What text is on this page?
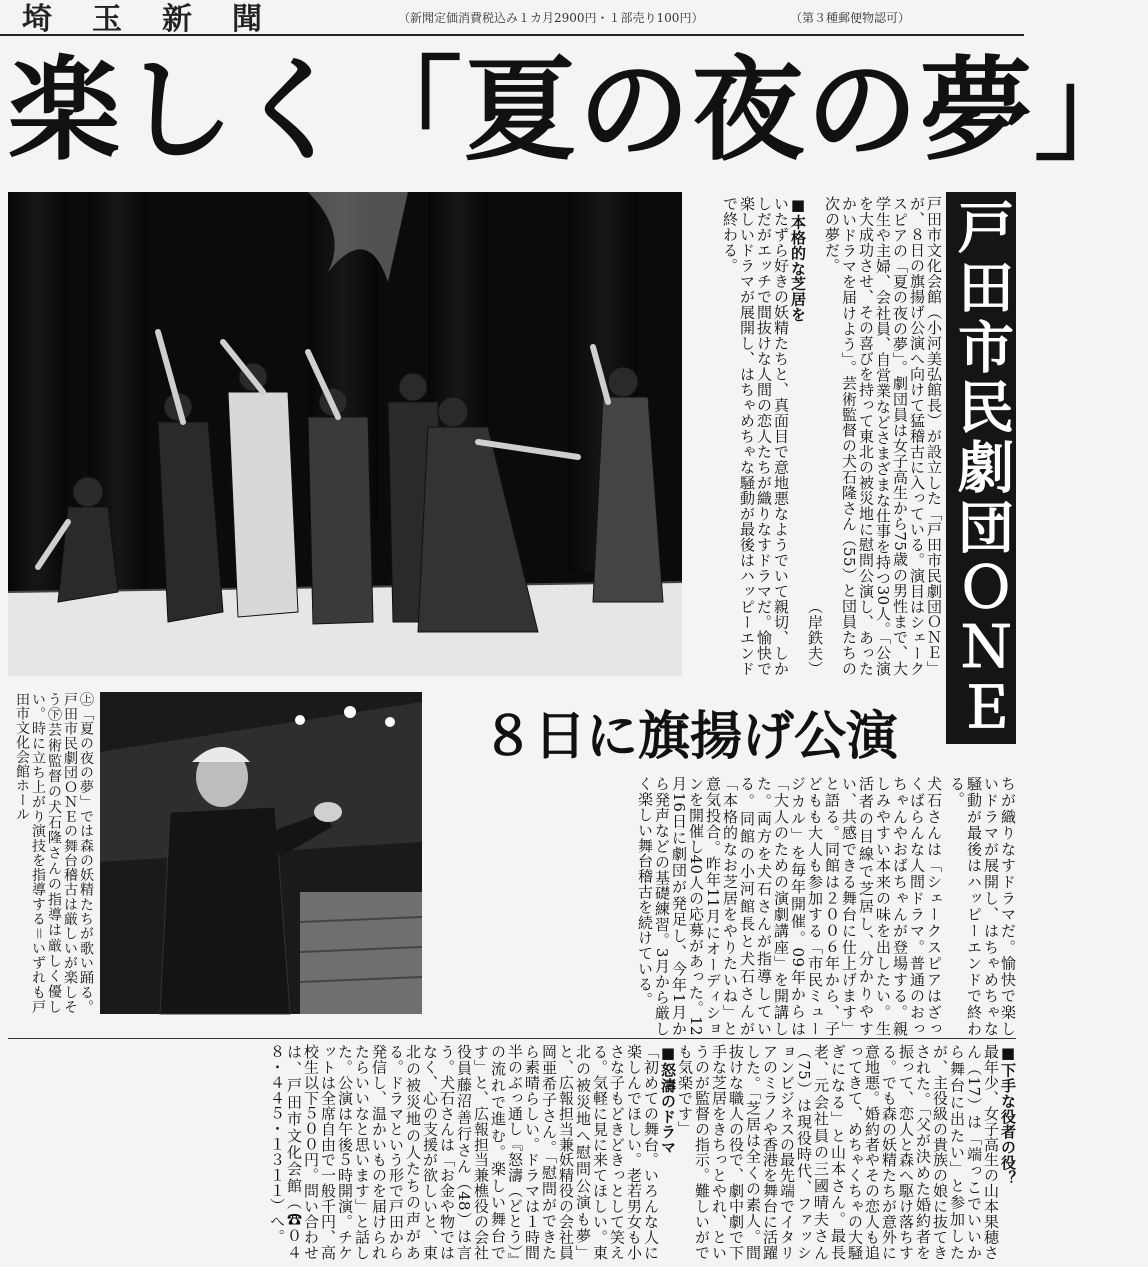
埼玉新聞	（新聞定価消費税込み１カ月2900円・１部売り100円）	（第３種郵便物認可）
楽しく「夏の夜の夢」

戸田市文化会館（小河美弘館長）が設立した「戸田市民劇団ＯＮＥ」が、８日の旗揚げ公演へ向けて猛稽古に入っている。演目はシェークスピアの「夏の夜の夢」。劇団員は女子高生から75歳の男性まで、大学生や主婦、会社員、自営業などさまざまな仕事を持つ30人。「公演を大成功させ、その喜びを持って東北の被災地に慰問公演し、あったかいドラマを届けよう」。芸術監督の犬石隆さん（55）と団員たちの次の夢だ。

（岸鉄夫）

■本格的な芝居を

いたずら好きの妖精たちと、真面目で意地悪なようでいて親切、しかしだがエッチで間抜けな人間の恋人たちが織りなすドラマだ。愉快で楽しいドラマが展開し、はちゃめちゃな騒動が最後はハッピーエンドで終わる。	戸田市民劇団ＯＮＥ
㊤「夏の夜の夢」では森の妖精たちが歌い踊る。戸田市民劇団ＯＮＥの舞台稽古は厳しいが楽しそう㊦芸術監督の犬石隆さんの指導は厳しく優しい。時に立ち上がり演技を指導する＝いずれも戸田市文化会館ホール	８日に旗揚げ公演

犬石さんは「シェークスピアはざっくばらんな人間ドラマ。普通のおっちゃんやおばちゃんが登場する。親しみやすい本来の味を出したい。生活者の目線で芝居し、分かりやすい、共感できる舞台に仕上げます」と語る。同館は２００６年から、子どもも大人も参加する「市民ミュージカル」を毎年開催。09年からは「大人のための演劇講座」を開講した。両方を犬石さんが指導している。同館の小河館長と犬石さんが「本格的なお芝居をやりたいね」と意気投合。昨年11月にオーディションを開催し40人の応募があった。12月16日に劇団が発足し、今年1月から発声などの基礎練習。3月から厳しく楽しい舞台稽古を続けている。	ちが織りなすドラマだ。愉快で楽しいドラマが展開し、はちゃめちゃな騒動が最後はハッピーエンドで終わる。

■下手な役者の役？

最年少、女子高生の山本果穂さん（17）は「端っこでいいから舞台に出たい」と参加したが、主役級の貴族の娘に抜てきされた。「父が決めた婚約者を振って、恋人と森へ駆け落ちする。でも森の妖精たちが意外に意地悪。婚約者やその恋人も追ってきて、めちゃくちゃの大騒ぎになる」と山本さん。最長老、元会社員の三國晴夫さん（75）は現役時代、ファッションビジネスの最先端でイタリアのミラノや香港を舞台に活躍した。「芝居は全くの素人。間抜けな職人の役で、劇中劇で下手な芝居をきちっとやれ、というのが監督の指示。難しいがでも気楽です」

■怒濤のドラマ

「初めての舞台。いろんな人に楽しんでほしい。老若男女も小さな子もどきどきっとして笑える。気軽に見に来てほしい。東北の被災地へ慰問公演も夢」と、広報担当兼妖精役の会社員岡亜希子さん。「慰問ができたら素晴らしい。ドラマは１時間半のぶっ通し『怒濤（どとう）』の流れで進む。楽しい舞台です」と、広報担当兼樵役の会社役員藤沼善行さん（48）は言う。犬石さんは「お金や物ではなく、心の支援が欲しいと、東北の被災地の人たちの声がある。ドラマという形で戸田から発信し、温かいものを届けられたらいいなと思います」と話した。公演は午後５時開演。チケットは全席自由で一般千円、高校生以下５００円。問い合わせは、戸田市文化会館（☎０４８・４４５・１３１１）へ。
